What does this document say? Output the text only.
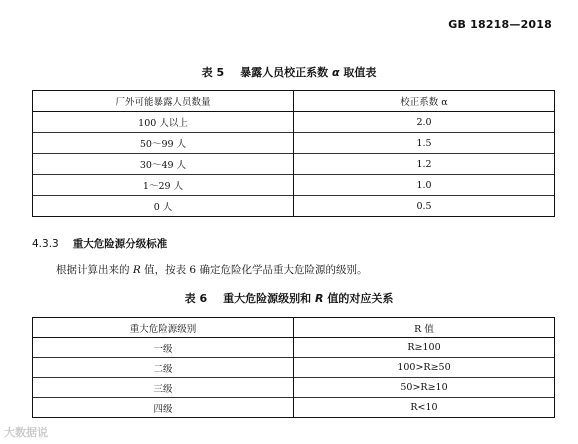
GB 18218—2018
表 5 暴露人员校正系数 α 取值表
厂外可能暴露人员数量	校正系数 α
100 人以上	2.0
50～99 人	1.5
30～49 人	1.2
1～29 人	1.0
0 人	0.5
4.3.3 重大危险源分级标准
根据计算出来的 R 值，按表 6 确定危险化学品重大危险源的级别。
表 6 重大危险源级别和 R 值的对应关系
重大危险源级别	R 值
一级	R≥100
二级	100>R≥50
三级	50>R≥10
四级	R<10
大数据说
